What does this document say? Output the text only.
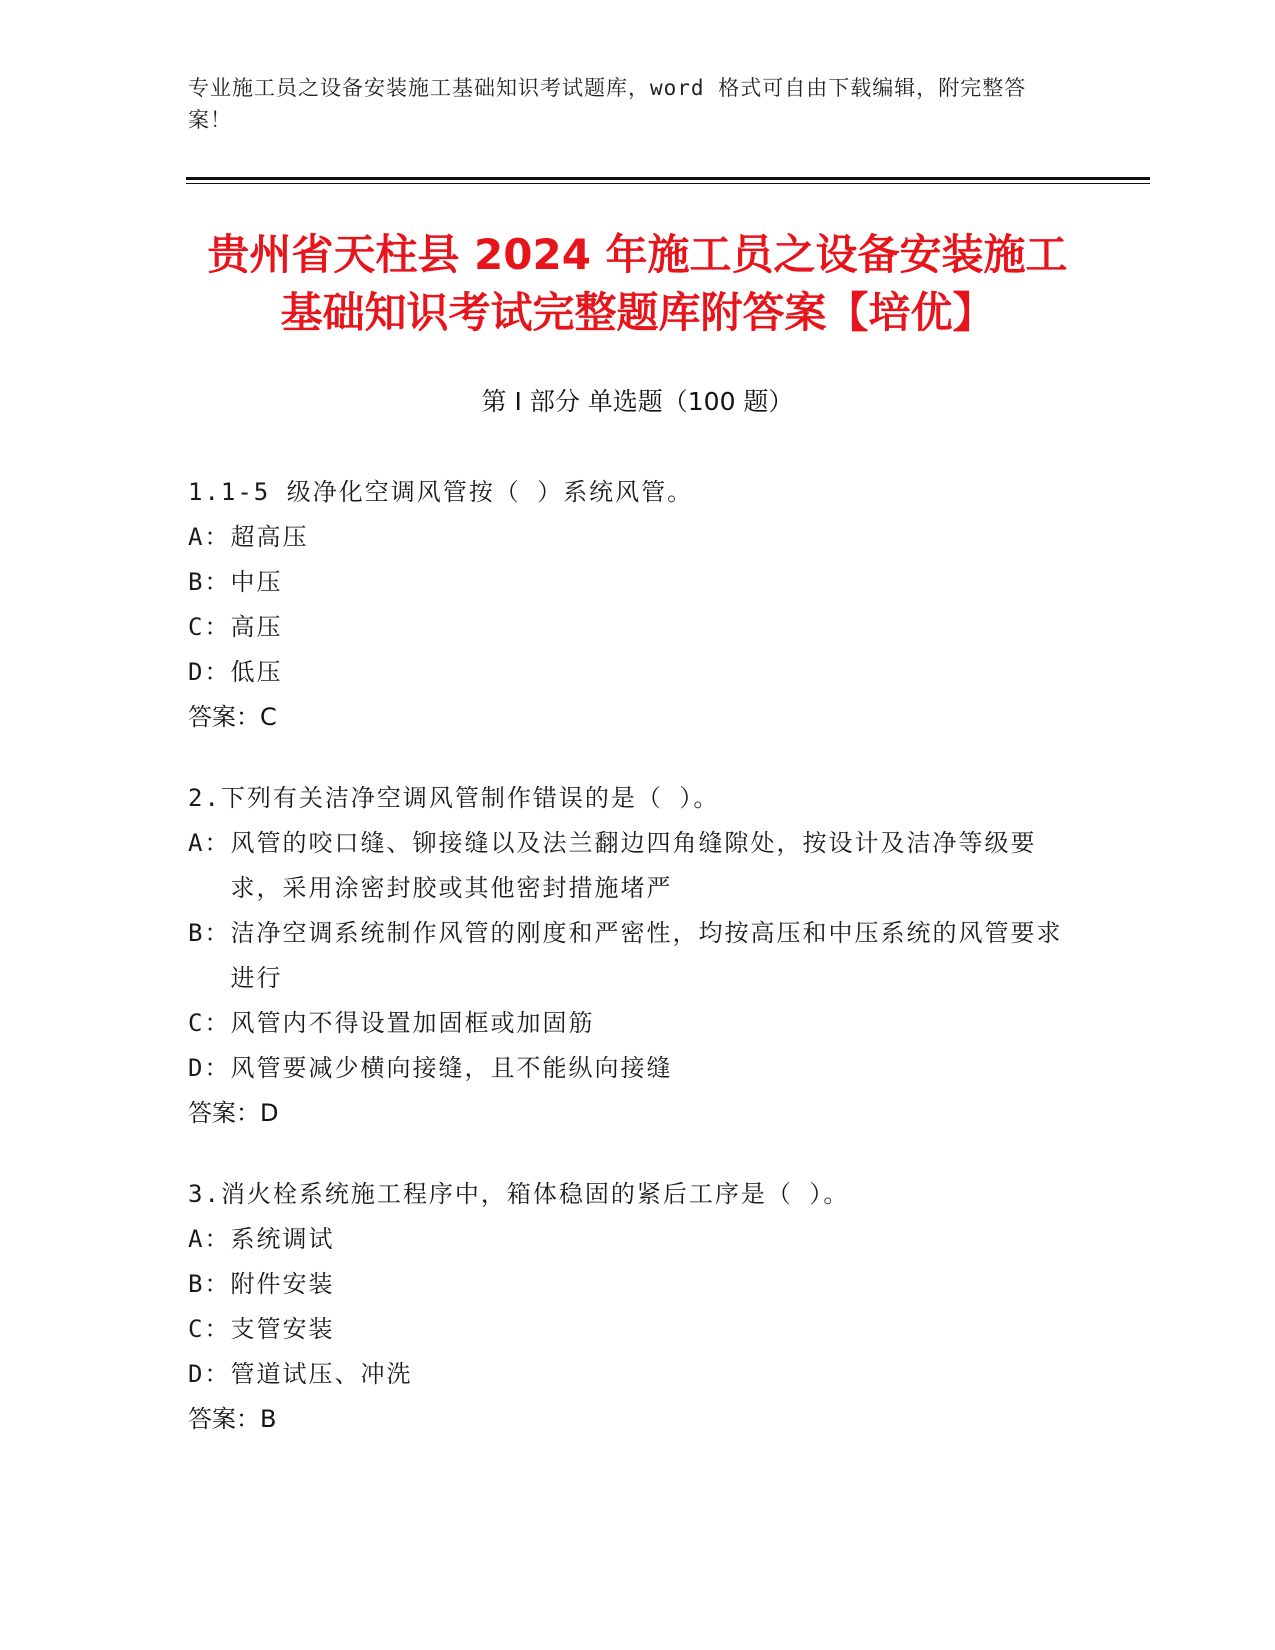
专业施工员之设备安装施工基础知识考试题库，word 格式可自由下载编辑，附完整答案！
贵州省天柱县 2024 年施工员之设备安装施工
基础知识考试完整题库附答案【培优】
第 I 部分 单选题（100 题）
1.1-5 级净化空调风管按（ ）系统风管。
A： 超高压
B： 中压
C： 高压
D： 低压
答案：C
2.下列有关洁净空调风管制作错误的是（ ）。
A： 风管的咬口缝、铆接缝以及法兰翻边四角缝隙处，按设计及洁净等级要求，采用涂密封胶或其他密封措施堵严
B： 洁净空调系统制作风管的刚度和严密性，均按高压和中压系统的风管要求进行
C： 风管内不得设置加固框或加固筋
D： 风管要减少横向接缝，且不能纵向接缝
答案：D
3.消火栓系统施工程序中，箱体稳固的紧后工序是（ ）。
A： 系统调试
B： 附件安装
C： 支管安装
D： 管道试压、冲洗
答案：B
